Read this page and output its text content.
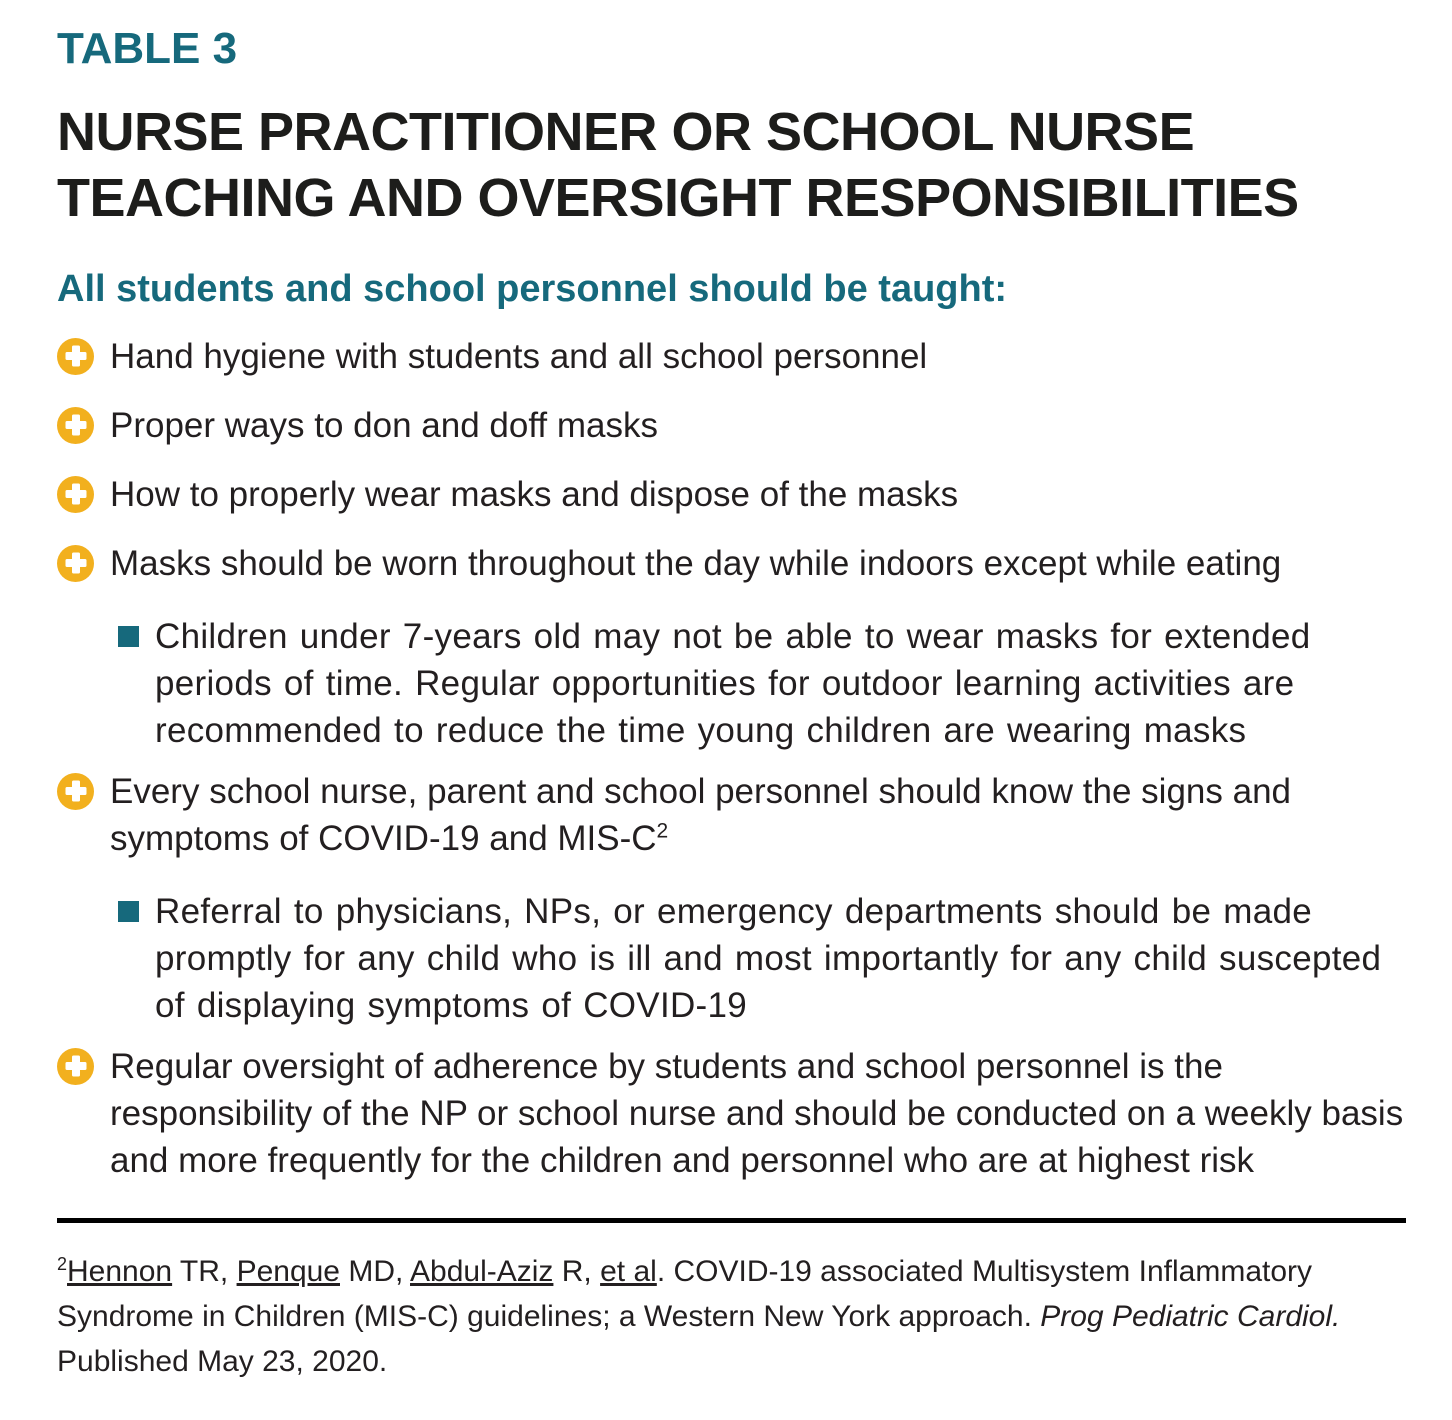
TABLE 3
NURSE PRACTITIONER OR SCHOOL NURSE
TEACHING AND OVERSIGHT RESPONSIBILITIES
All students and school personnel should be taught:
Hand hygiene with students and all school personnel
Proper ways to don and doff masks
How to properly wear masks and dispose of the masks
Masks should be worn throughout the day while indoors except while eating
Children under 7-years old may not be able to wear masks for extended periods of time. Regular opportunities for outdoor learning activities are recommended to reduce the time young children are wearing masks
Every school nurse, parent and school personnel should know the signs and symptoms of COVID-19 and MIS-$C^2$
Referral to physicians, NPs, or emergency departments should be made promptly for any child who is ill and most importantly for any child suscepted of displaying symptoms of COVID-19
Regular oversight of adherence by students and school personnel is the responsibility of the NP or school nurse and should be conducted on a weekly basis and more frequently for the children and personnel who are at highest risk

$^2$Hennon TR, Penque MD, Abdul-Aziz R, et al. COVID-19 associated Multisystem Inflammatory Syndrome in Children (MIS-C) guidelines; a Western New York approach. Prog Pediatric Cardiol.  Published May 23, 2020.
